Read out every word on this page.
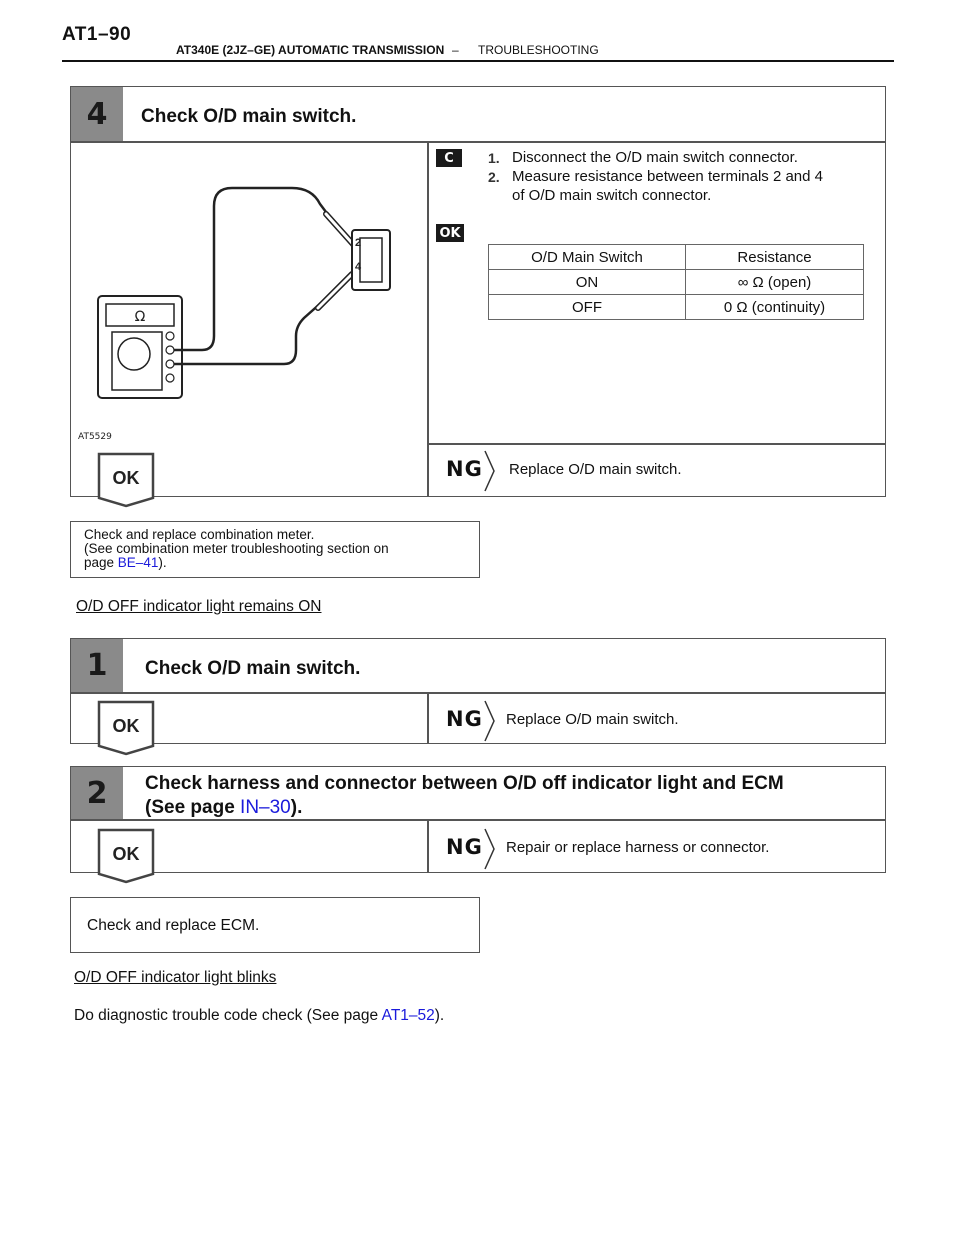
AT1–90
AT340E (2JZ–GE) AUTOMATIC TRANSMISSION – TROUBLESHOOTING
4	Check O/D main switch.
Ω
2
4
AT5529
C
OK
1. Disconnect the O/D main switch connector.
2. Measure resistance between terminals 2 and 4
of O/D main switch connector.
O/D Main Switch	Resistance
ON	∞ Ω (open)
OFF	0 Ω (continuity)
NG Replace O/D main switch.
OK
Check and replace combination meter.
(See combination meter troubleshooting section on
page BE–41).
O/D OFF indicator light remains ON
1	Check O/D main switch.
NG Replace O/D main switch.
OK
2	Check harness and connector between O/D off indicator light and ECM
(See page IN–30).
NG Repair or replace harness or connector.
OK
Check and replace ECM.
O/D OFF indicator light blinks
Do diagnostic trouble code check (See page AT1–52).
